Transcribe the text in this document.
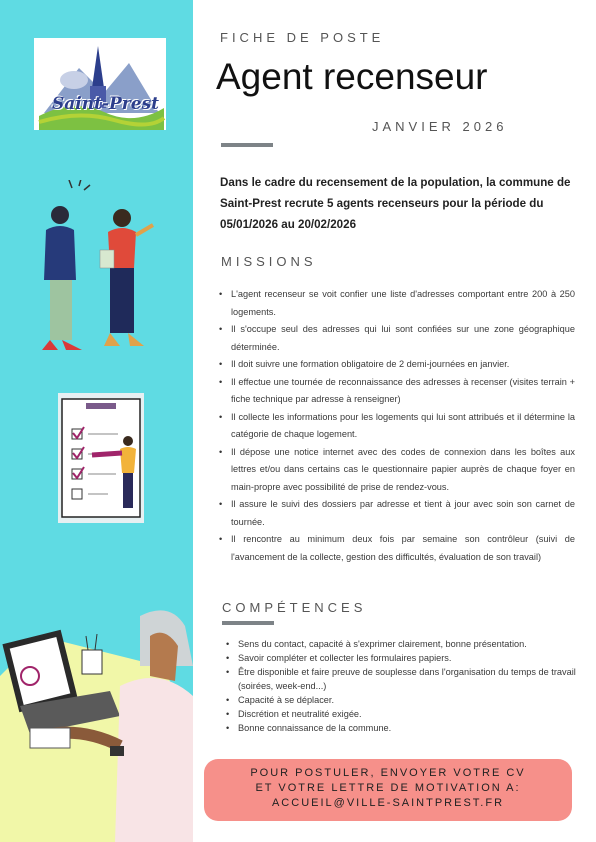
Saint-Prest
FICHE DE POSTE
Agent recenseur
JANVIER 2026
Dans le cadre du recensement de la population, la commune de Saint-Prest recrute 5 agents recenseurs pour la période du 05/01/2026 au 20/02/2026
MISSIONS
• L'agent recenseur se voit confier une liste d'adresses comportant entre 200 à 250 logements.
• Il s'occupe seul des adresses qui lui sont confiées sur une zone géographique déterminée.
• Il doit suivre une formation obligatoire de 2 demi-journées en janvier.
• Il effectue une tournée de reconnaissance des adresses à recenser (visites terrain + fiche technique par adresse à renseigner)
• Il collecte les informations pour les logements qui lui sont attribués et il détermine la catégorie de chaque logement.
• Il dépose une notice internet avec des codes de connexion dans les boîtes aux lettres et/ou dans certains cas le questionnaire papier auprès de chaque foyer en main-propre avec possibilité de prise de rendez-vous.
• Il assure le suivi des dossiers par adresse et tient à jour avec soin son carnet de tournée.
• Il rencontre au minimum deux fois par semaine son contrôleur (suivi de l'avancement de la collecte, gestion des difficultés, évaluation de son travail)
COMPÉTENCES
• Sens du contact, capacité à s'exprimer clairement, bonne présentation.
• Savoir compléter et collecter les formulaires papiers.
• Être disponible et faire preuve de souplesse dans l'organisation du temps de travail (soirées, week-end...)
• Capacité à se déplacer.
• Discrétion et neutralité exigée.
• Bonne connaissance de la commune.
POUR POSTULER, ENVOYER VOTRE CV
ET VOTRE LETTRE DE MOTIVATION A:
ACCUEIL@VILLE-SAINTPREST.FR
